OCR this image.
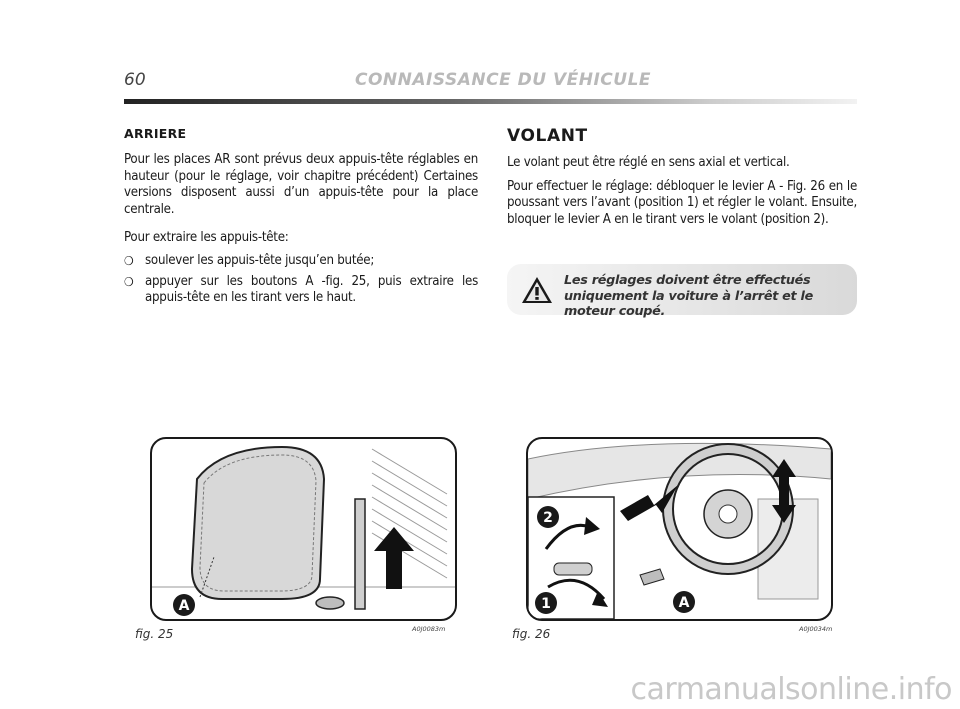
60	CONNAISSANCE DU VÉHICULE
ARRIERE

Pour les places AR sont prévus deux appuis-tête réglables en hauteur (pour le réglage, voir chapitre précédent) Certaines versions disposent aussi d’un appuis-tête pour la place centrale.

Pour extraire les appuis-tête:

❍ soulever les appuis-tête jusqu’en butée;
❍ appuyer sur les boutons A -fig. 25, puis extraire les appuis-tête en les tirant vers le haut.
VOLANT

Le volant peut être réglé en sens axial et vertical.

Pour effectuer le réglage: débloquer le levier A - Fig. 26 en le poussant vers l’avant (position 1) et régler le volant. Ensuite, bloquer le levier A en le tirant vers le volant (position 2).

Les réglages doivent être effectués uniquement la voiture à l’arrêt et le moteur coupé.
A
fig. 25	A0J0083m
2
1	A
fig. 26	A0J0034m
carmanualsonline.info
